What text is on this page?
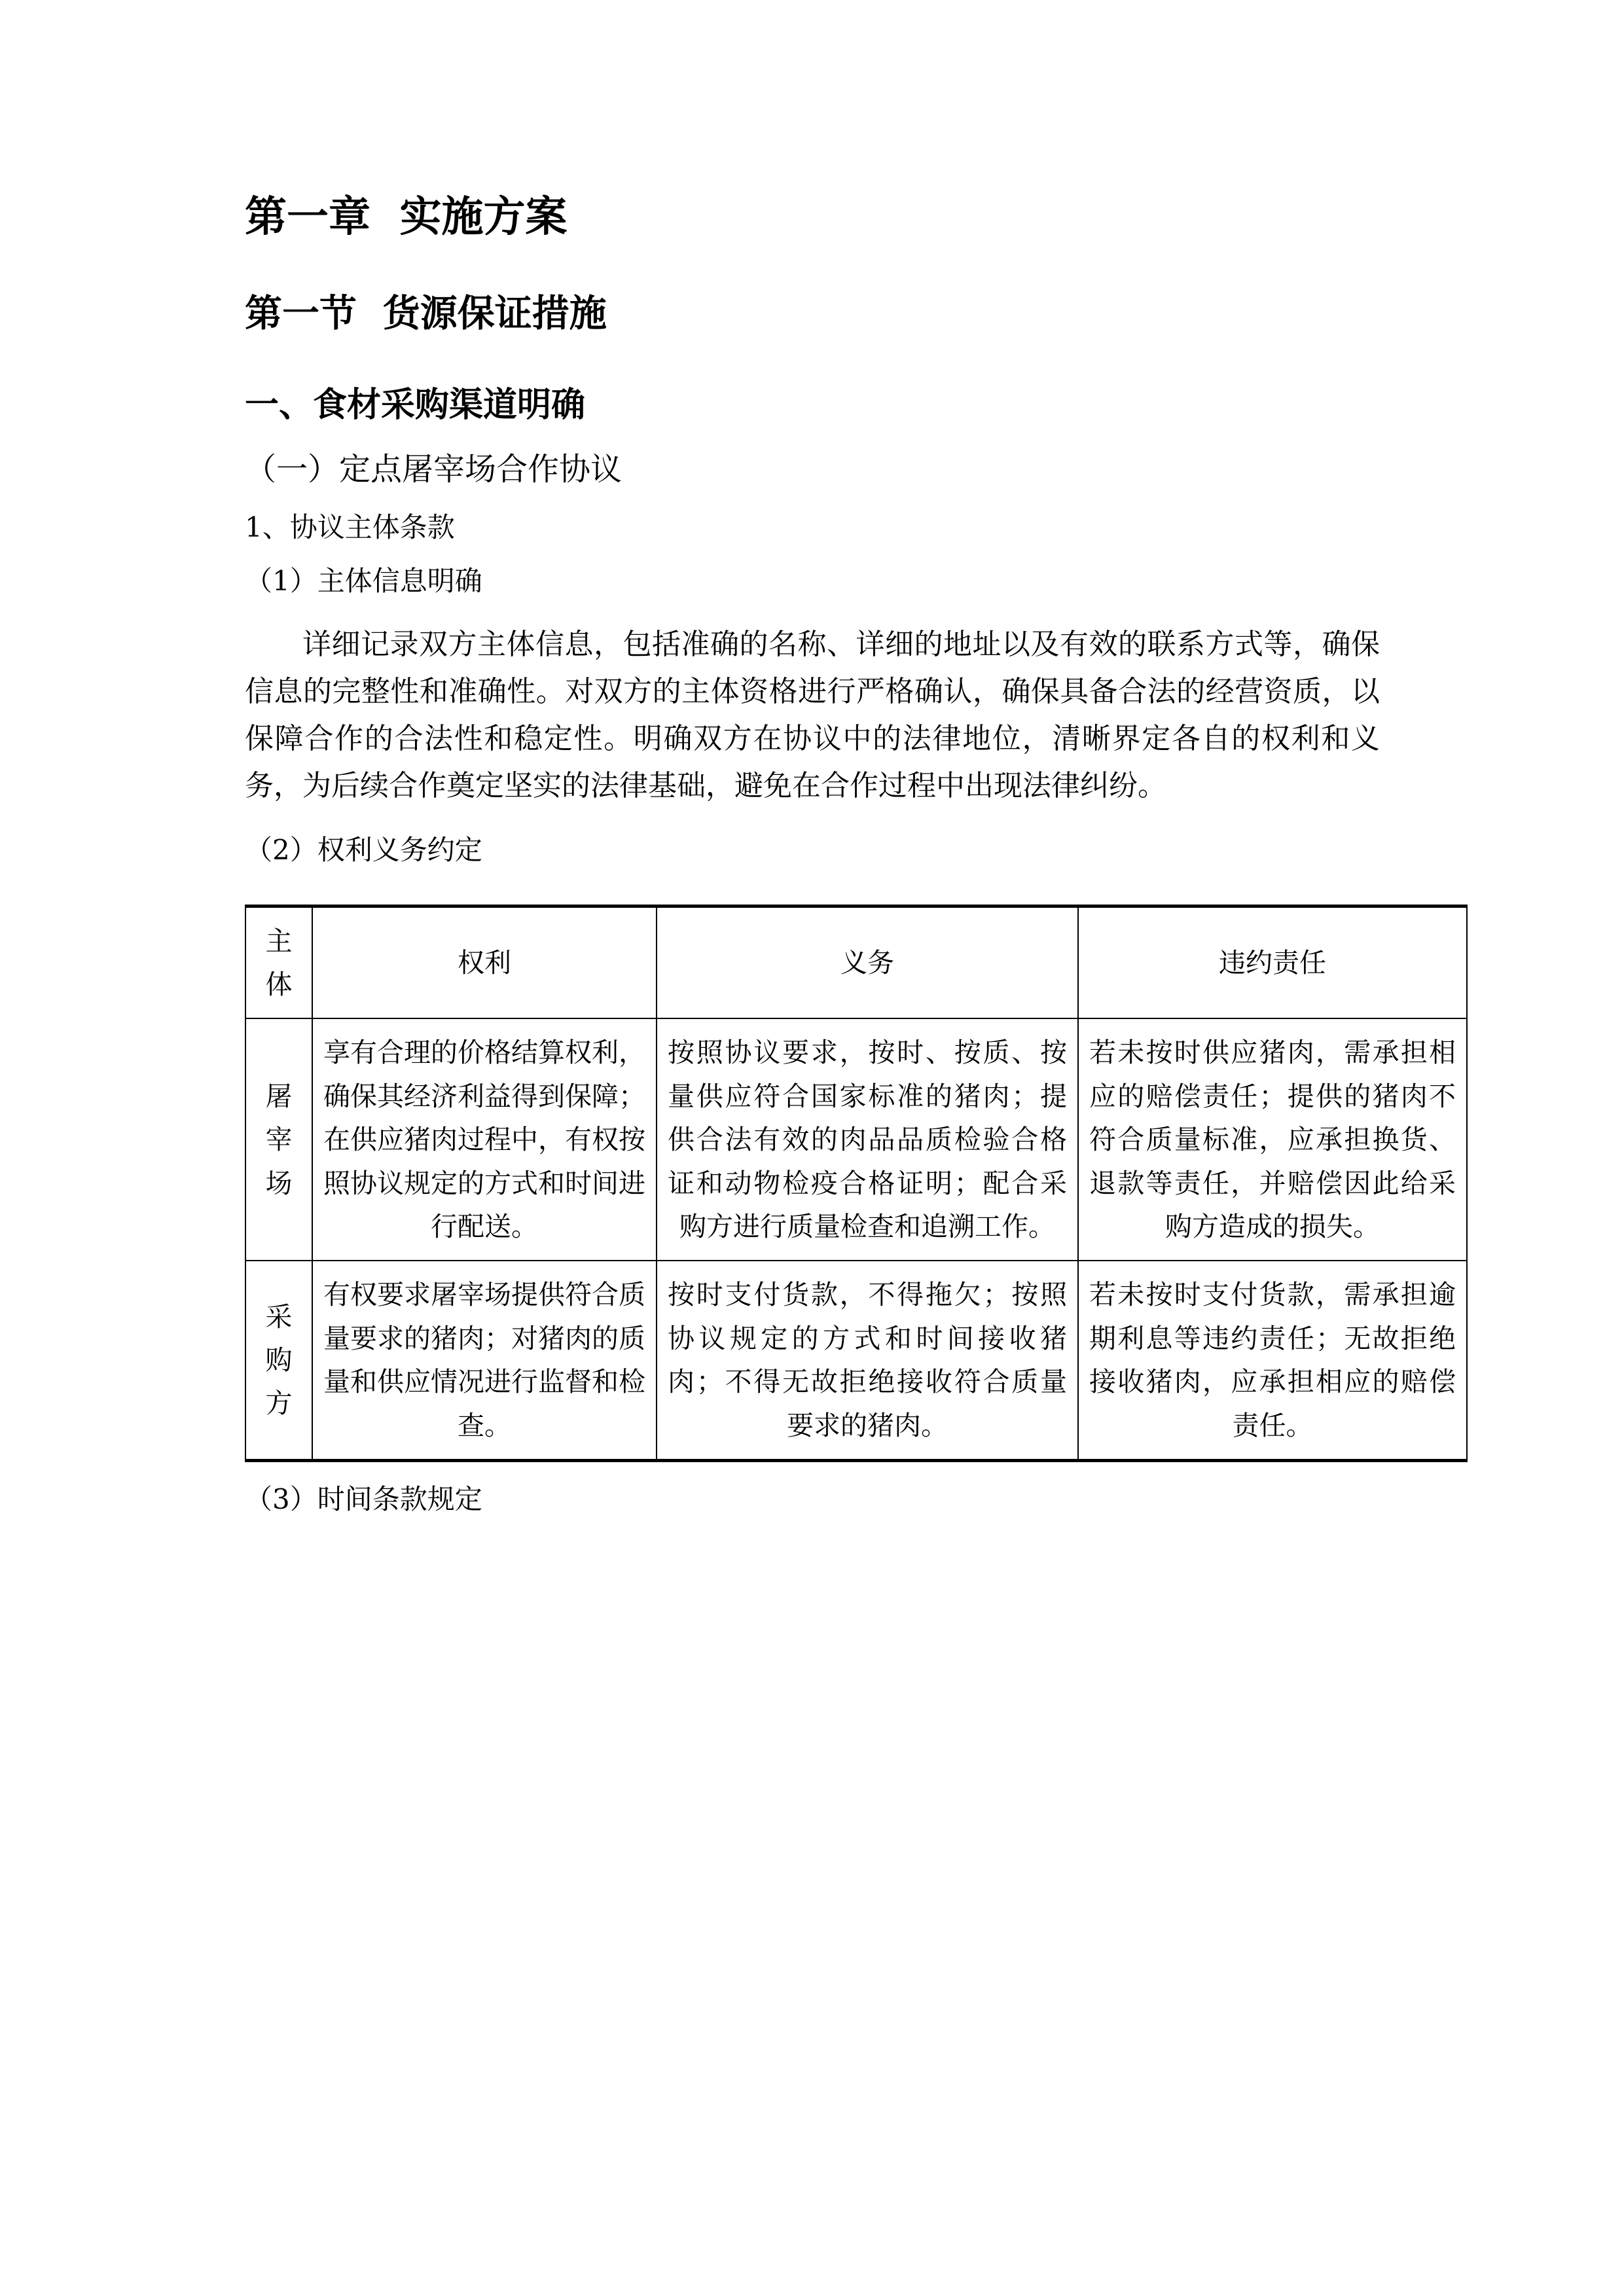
第一章  实施方案
第一节  货源保证措施
一、食材采购渠道明确
（一）定点屠宰场合作协议

1、协议主体条款

（1）主体信息明确

详细记录双方主体信息，包括准确的名称、详细的地址以及有效的联系方式等，确保信息的完整性和准确性。对双方的主体资格进行严格确认，确保具备合法的经营资质，以保障合作的合法性和稳定性。明确双方在协议中的法律地位，清晰界定各自的权利和义务，为后续合作奠定坚实的法律基础，避免在合作过程中出现法律纠纷。

（2）权利义务约定

主体	权利	义务	违约责任
屠宰场	享有合理的价格结算权利，确保其经济利益得到保障；在供应猪肉过程中，有权按照协议规定的方式和时间进行配送。	按照协议要求，按时、按质、按量供应符合国家标准的猪肉；提供合法有效的肉品品质检验合格证和动物检疫合格证明；配合采购方进行质量检查和追溯工作。	若未按时供应猪肉，需承担相应的赔偿责任；提供的猪肉不符合质量标准，应承担换货、退款等责任，并赔偿因此给采购方造成的损失。

采购方	有权要求屠宰场提供符合质量要求的猪肉；对猪肉的质量和供应情况进行监督和检查。	按时支付货款，不得拖欠；按照协议规定的方式和时间接收猪肉；不得无故拒绝接收符合质量要求的猪肉。	若未按时支付货款，需承担逾期利息等违约责任；无故拒绝接收猪肉，应承担相应的赔偿责任。

（3）时间条款规定
